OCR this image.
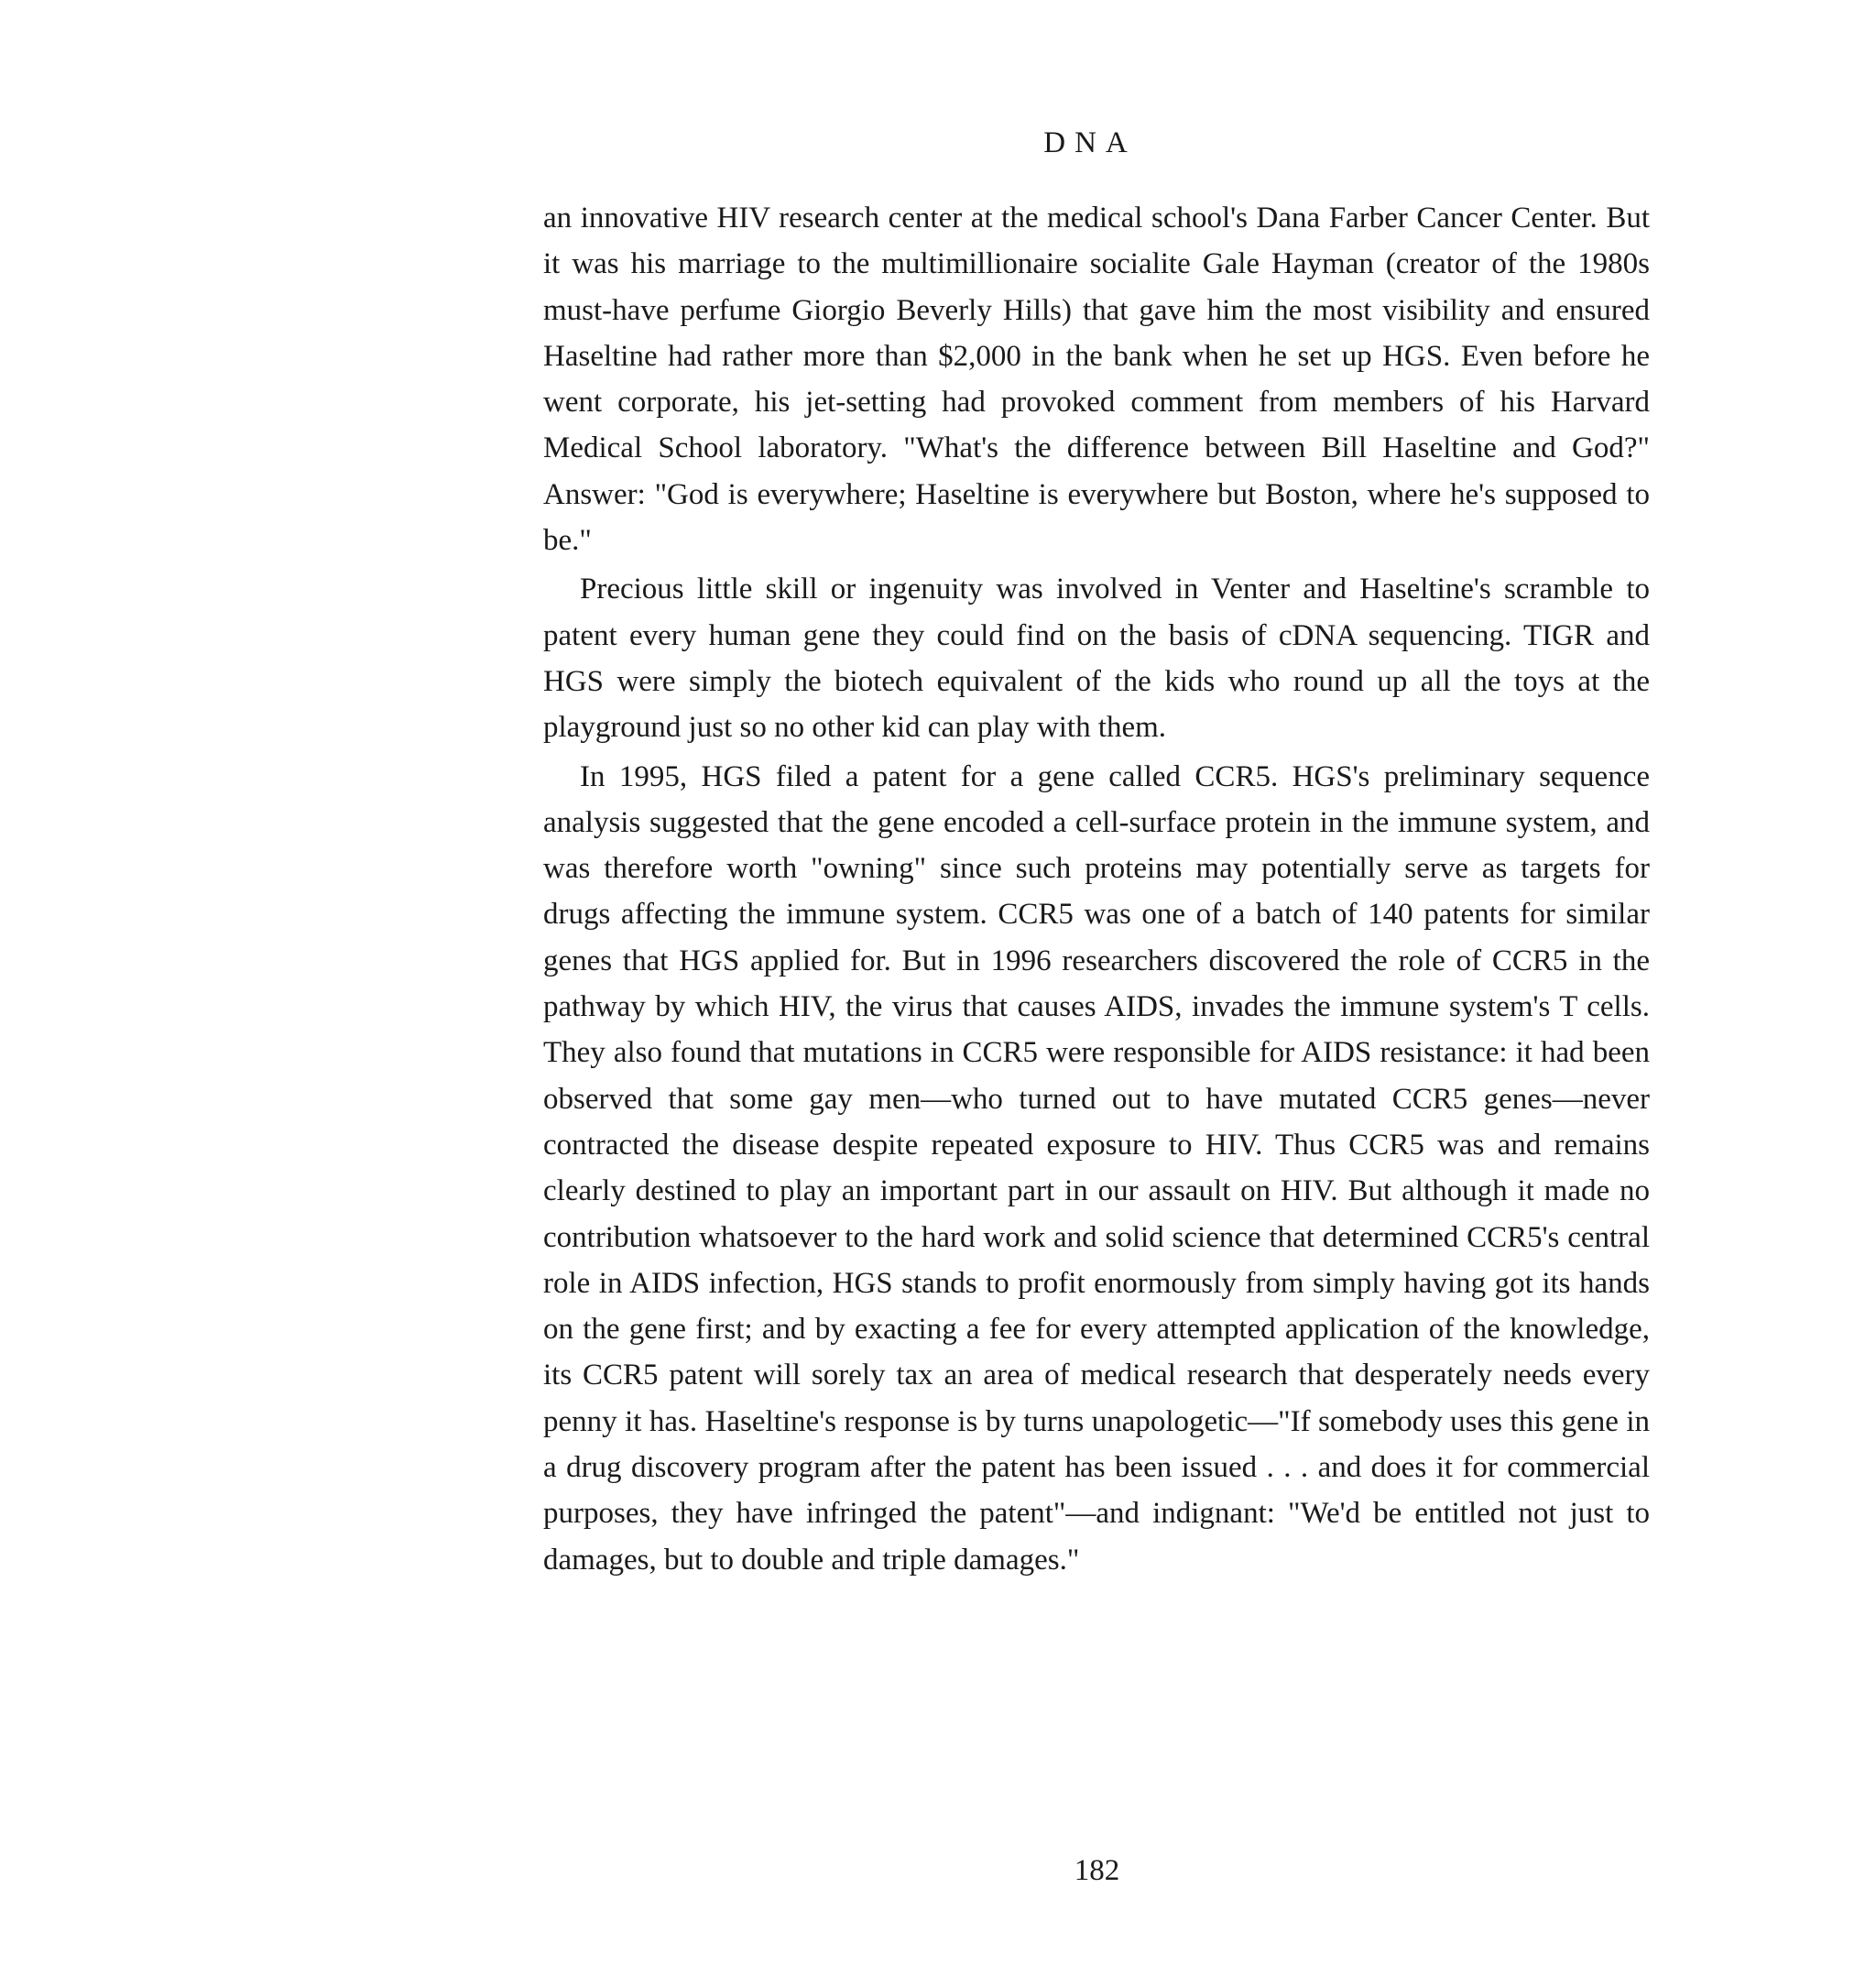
DNA

an innovative HIV research center at the medical school's Dana Farber Cancer Center. But it was his marriage to the multimillionaire socialite Gale Hayman (creator of the 1980s must-have perfume Giorgio Beverly Hills) that gave him the most visibility and ensured Haseltine had rather more than $2,000 in the bank when he set up HGS. Even before he went corporate, his jet-setting had provoked comment from members of his Harvard Medical School laboratory. "What's the difference between Bill Haseltine and God?" Answer: "God is everywhere; Haseltine is everywhere but Boston, where he's supposed to be."

Precious little skill or ingenuity was involved in Venter and Haseltine's scramble to patent every human gene they could find on the basis of cDNA sequencing. TIGR and HGS were simply the biotech equivalent of the kids who round up all the toys at the playground just so no other kid can play with them.

In 1995, HGS filed a patent for a gene called CCR5. HGS's preliminary sequence analysis suggested that the gene encoded a cell-surface protein in the immune system, and was therefore worth "owning" since such proteins may potentially serve as targets for drugs affecting the immune system. CCR5 was one of a batch of 140 patents for similar genes that HGS applied for. But in 1996 researchers discovered the role of CCR5 in the pathway by which HIV, the virus that causes AIDS, invades the immune system's T cells. They also found that mutations in CCR5 were responsible for AIDS resistance: it had been observed that some gay men—who turned out to have mutated CCR5 genes—never contracted the disease despite repeated exposure to HIV. Thus CCR5 was and remains clearly destined to play an important part in our assault on HIV. But although it made no contribution whatsoever to the hard work and solid science that determined CCR5's central role in AIDS infection, HGS stands to profit enormously from simply having got its hands on the gene first; and by exacting a fee for every attempted application of the knowledge, its CCR5 patent will sorely tax an area of medical research that desperately needs every penny it has. Haseltine's response is by turns unapologetic—"If somebody uses this gene in a drug discovery program after the patent has been issued . . . and does it for commercial purposes, they have infringed the patent"—and indignant: "We'd be entitled not just to damages, but to double and triple damages."

182
